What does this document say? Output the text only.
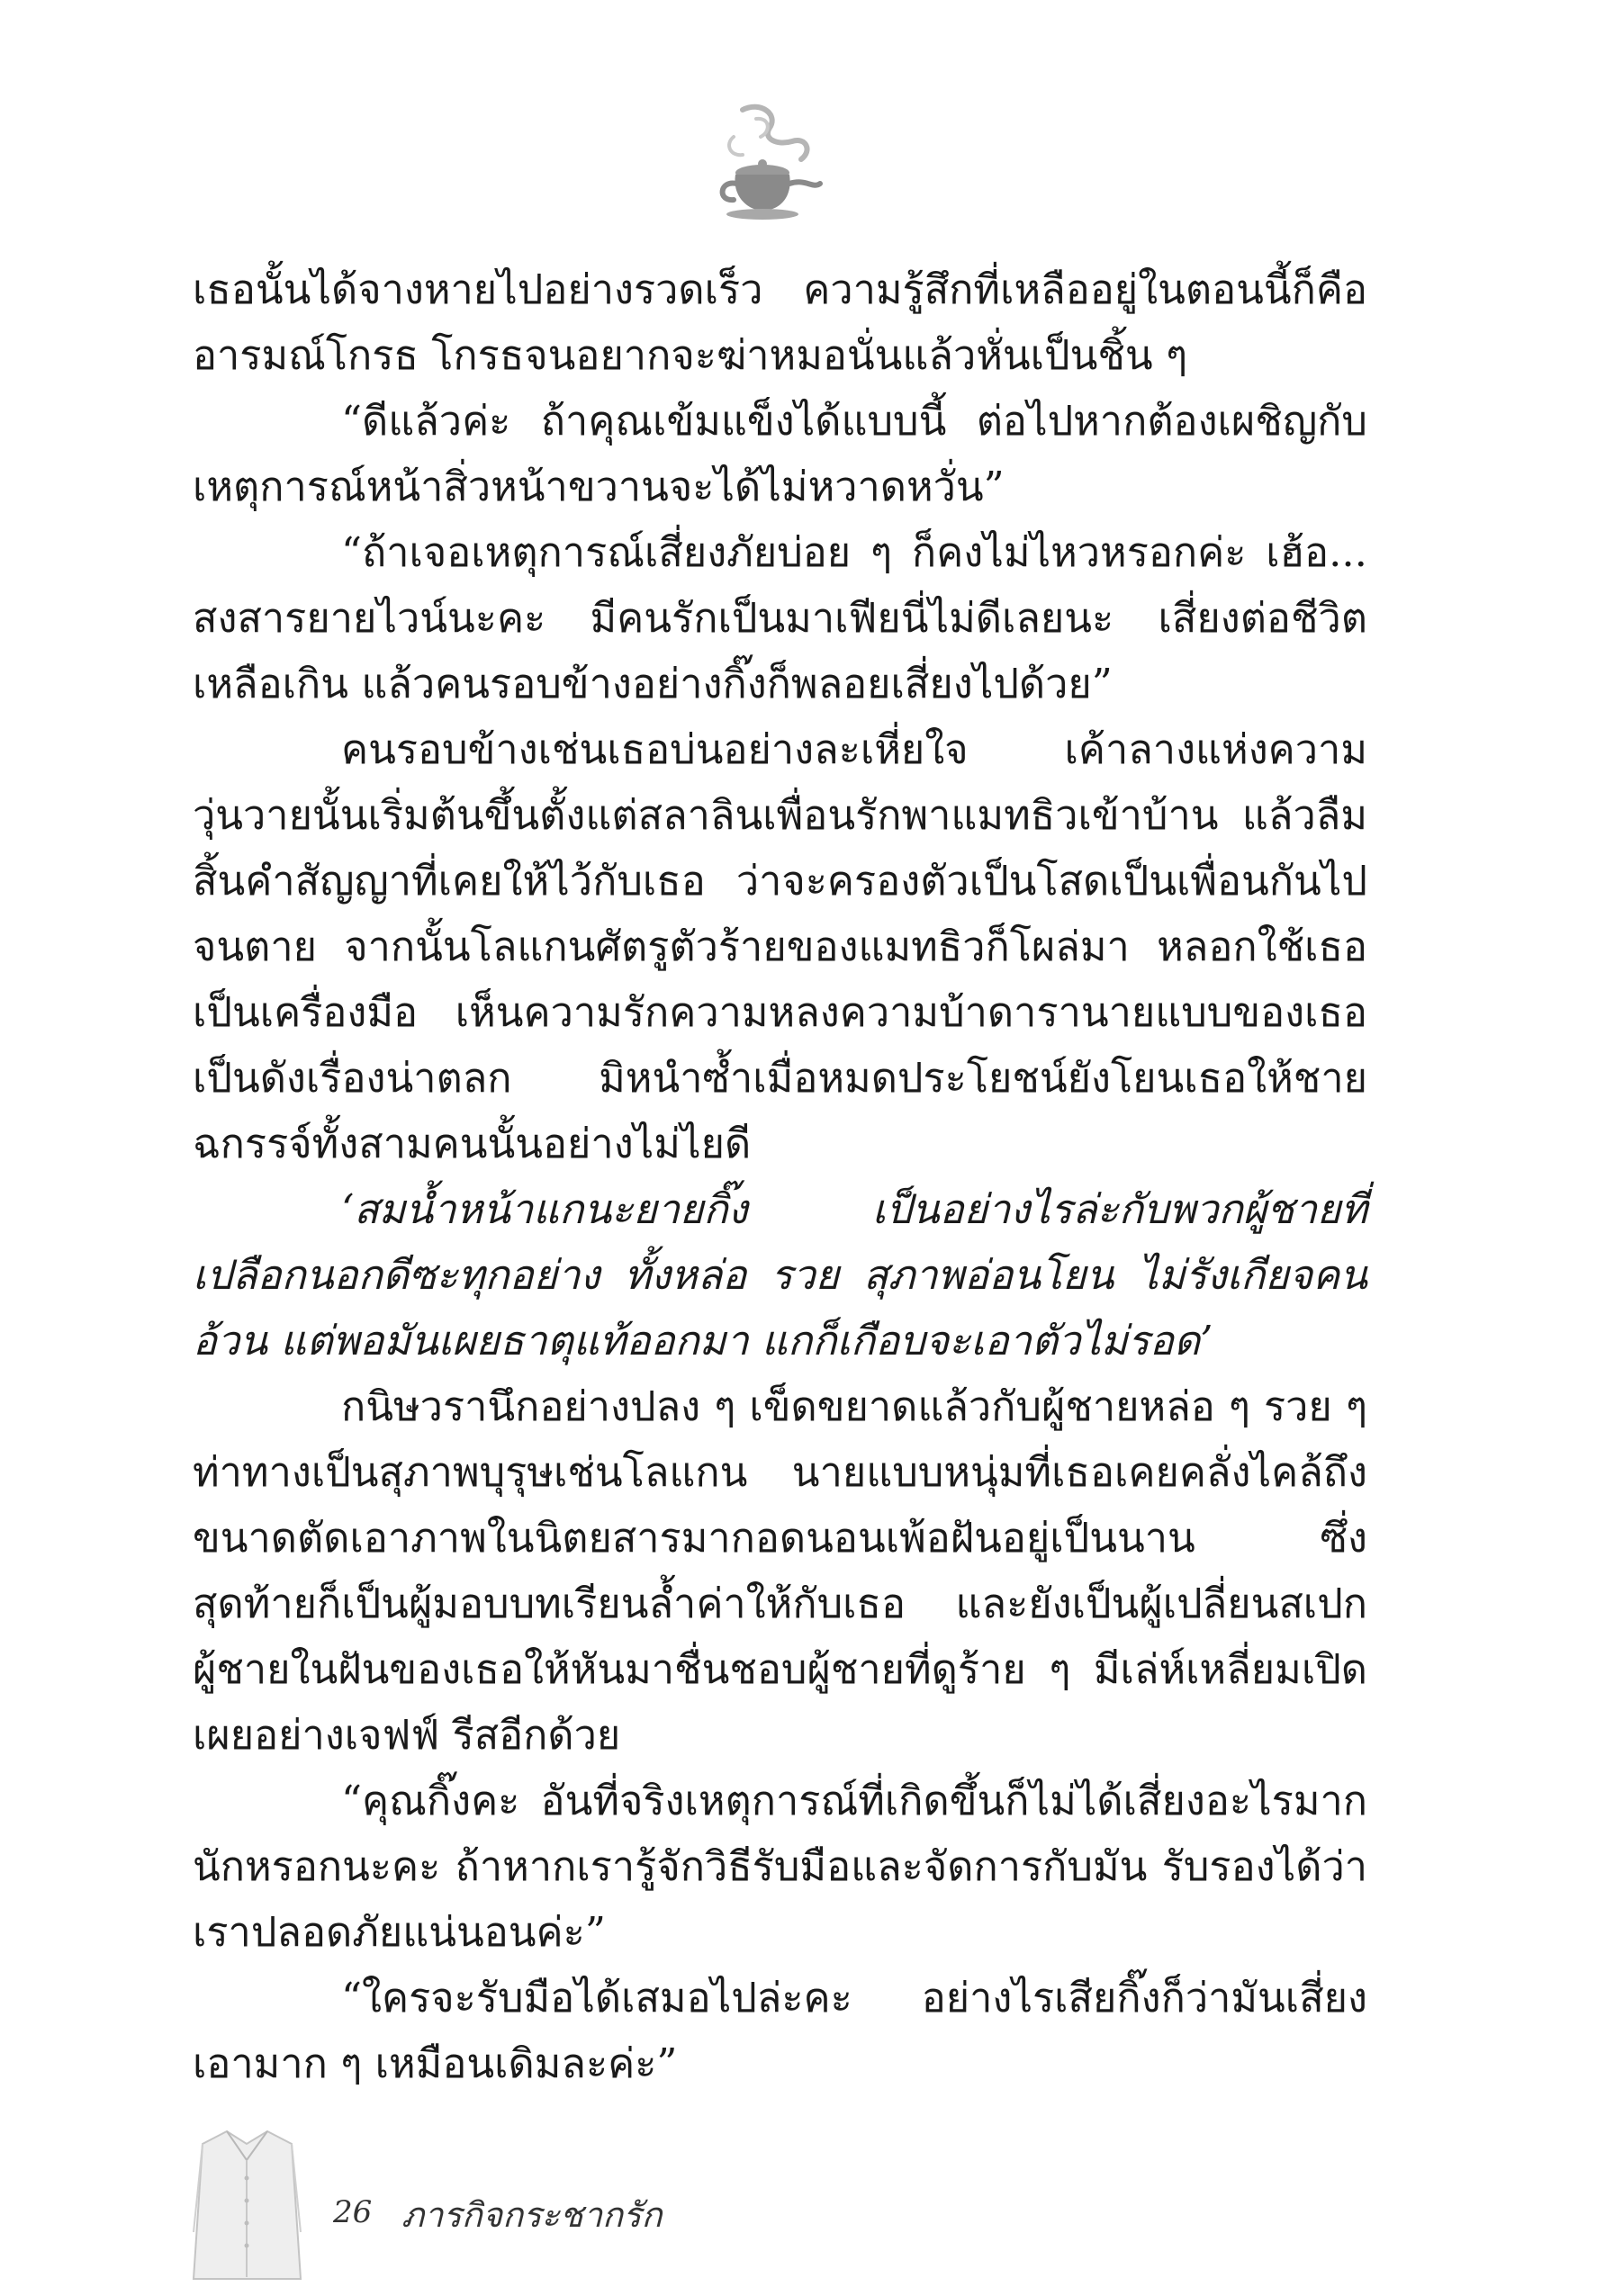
เธอนั้นได้จางหายไปอย่างรวดเร็ว ความรู้สึกที่เหลืออยู่ในตอนนี้ก็คืออารมณ์โกรธ โกรธจนอยากจะฆ่าหมอนั่นแล้วหั่นเป็นชิ้น ๆ

“ดีแล้วค่ะ ถ้าคุณเข้มแข็งได้แบบนี้ ต่อไปหากต้องเผชิญกับเหตุการณ์หน้าสิ่วหน้าขวานจะได้ไม่หวาดหวั่น”

“ถ้าเจอเหตุการณ์เสี่ยงภัยบ่อย ๆ ก็คงไม่ไหวหรอกค่ะ เฮ้อ... สงสารยายไวน์นะคะ มีคนรักเป็นมาเฟียนี่ไม่ดีเลยนะ เสี่ยงต่อชีวิตเหลือเกิน แล้วคนรอบข้างอย่างกิ๊งก็พลอยเสี่ยงไปด้วย”

คนรอบข้างเช่นเธอบ่นอย่างละเหี่ยใจ เค้าลางแห่งความวุ่นวายนั้นเริ่มต้นขึ้นตั้งแต่สลาลินเพื่อนรักพาแมทธิวเข้าบ้าน แล้วลืมสิ้นคำสัญญาที่เคยให้ไว้กับเธอ ว่าจะครองตัวเป็นโสดเป็นเพื่อนกันไปจนตาย จากนั้นโลแกนศัตรูตัวร้ายของแมทธิวก็โผล่มา หลอกใช้เธอเป็นเครื่องมือ เห็นความรักความหลงความบ้าดารานายแบบของเธอเป็นดังเรื่องน่าตลก มิหนำซ้ำเมื่อหมดประโยชน์ยังโยนเธอให้ชายฉกรรจ์ทั้งสามคนนั้นอย่างไม่ไยดี

‘สมน้ำหน้าแกนะยายกิ๊ง เป็นอย่างไรล่ะกับพวกผู้ชายที่เปลือกนอกดีซะทุกอย่าง ทั้งหล่อ รวย สุภาพอ่อนโยน ไม่รังเกียจคนอ้วน แต่พอมันเผยธาตุแท้ออกมา แกก็เกือบจะเอาตัวไม่รอด’

กนิษวรานึกอย่างปลง ๆ เข็ดขยาดแล้วกับผู้ชายหล่อ ๆ รวย ๆ ท่าทางเป็นสุภาพบุรุษเช่นโลแกน นายแบบหนุ่มที่เธอเคยคลั่งไคล้ถึงขนาดตัดเอาภาพในนิตยสารมากอดนอนเพ้อฝันอยู่เป็นนาน ซึ่งสุดท้ายก็เป็นผู้มอบบทเรียนล้ำค่าให้กับเธอ และยังเป็นผู้เปลี่ยนสเปกผู้ชายในฝันของเธอให้หันมาชื่นชอบผู้ชายที่ดูร้าย ๆ มีเล่ห์เหลี่ยมเปิดเผยอย่างเจฟฟ์ รีสอีกด้วย

“คุณกิ๊งคะ อันที่จริงเหตุการณ์ที่เกิดขึ้นก็ไม่ได้เสี่ยงอะไรมากนักหรอกนะคะ ถ้าหากเรารู้จักวิธีรับมือและจัดการกับมัน รับรองได้ว่าเราปลอดภัยแน่นอนค่ะ”

“ใครจะรับมือได้เสมอไปล่ะคะ อย่างไรเสียกิ๊งก็ว่ามันเสี่ยงเอามาก ๆ เหมือนเดิมละค่ะ”

26 ภารกิจกระชากรัก
